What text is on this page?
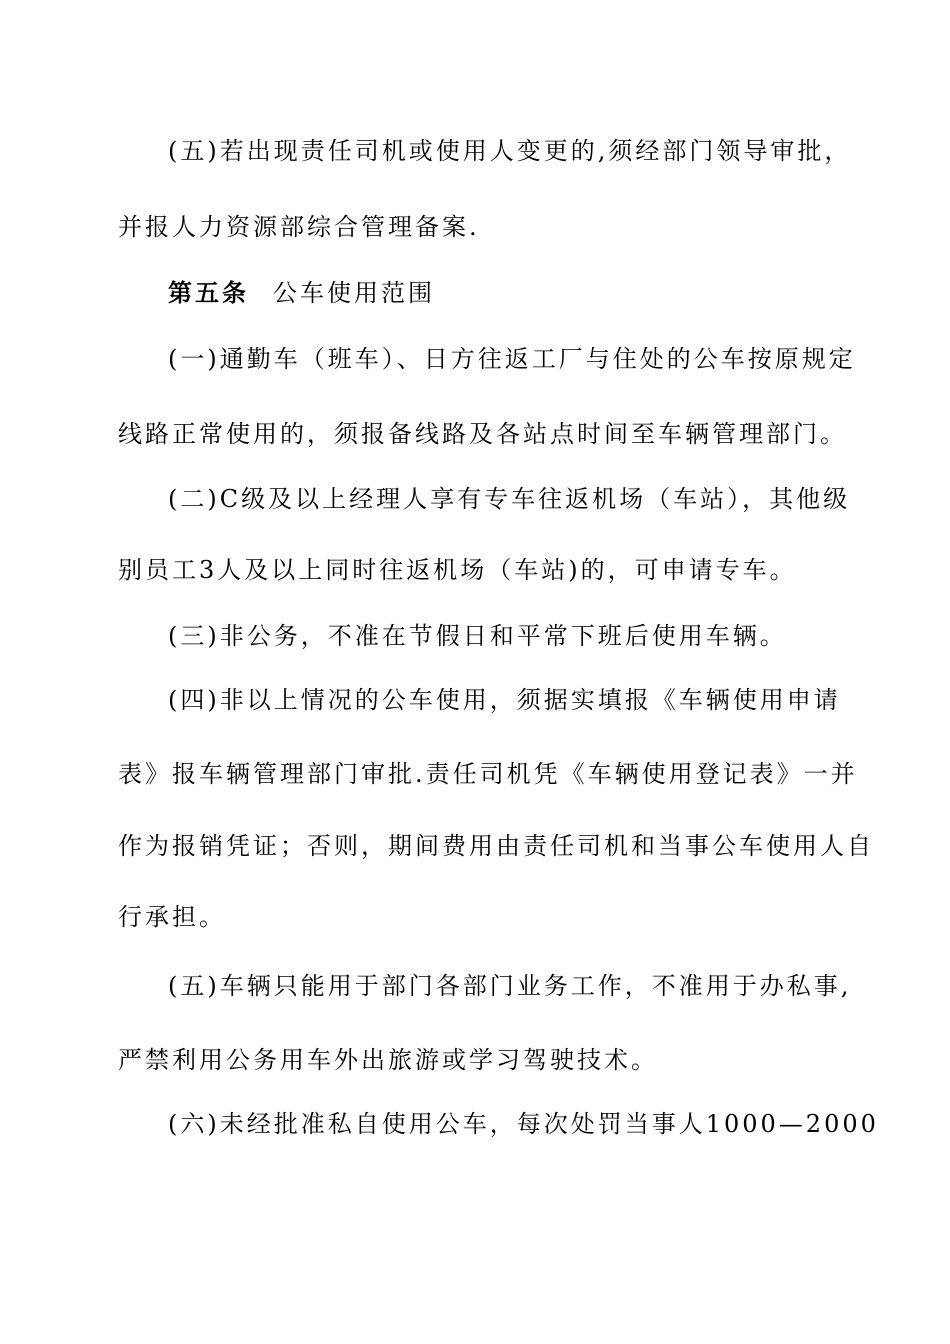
(五)若出现责任司机或使用人变更的,须经部门领导审批，
并报人力资源部综合管理备案.
第五条 公车使用范围
(一)通勤车（班车）、日方往返工厂与住处的公车按原规定
线路正常使用的，须报备线路及各站点时间至车辆管理部门。
(二)C级及以上经理人享有专车往返机场（车站），其他级
别员工3人及以上同时往返机场（车站)的，可申请专车。
(三)非公务，不准在节假日和平常下班后使用车辆。
(四)非以上情况的公车使用，须据实填报《车辆使用申请
表》报车辆管理部门审批.责任司机凭《车辆使用登记表》一并
作为报销凭证；否则，期间费用由责任司机和当事公车使用人自
行承担。
(五)车辆只能用于部门各部门业务工作，不准用于办私事,
严禁利用公务用车外出旅游或学习驾驶技术。
(六)未经批准私自使用公车，每次处罚当事人1000—2000
